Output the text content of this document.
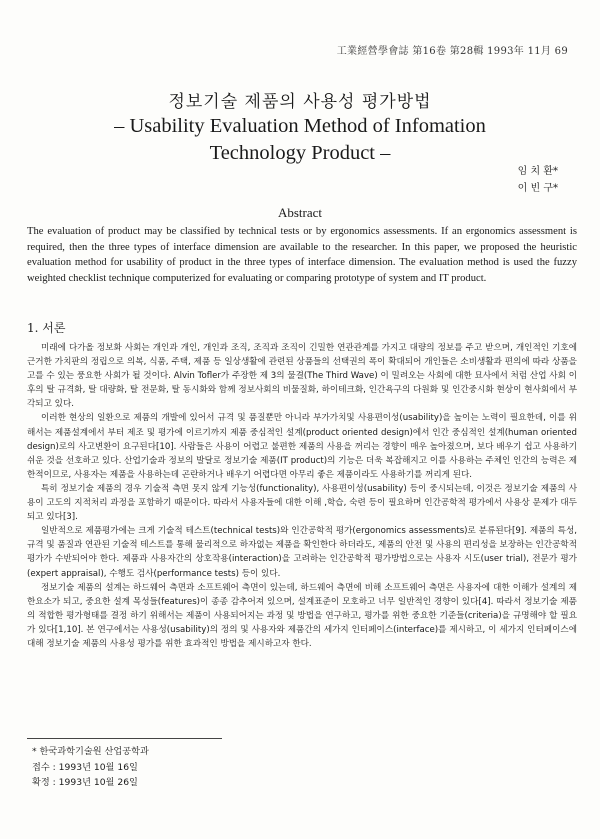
工業經營學會誌 第16卷 第28輯 1993年 11月 69
정보기술 제품의 사용성 평가방법
– Usability Evaluation Method of Infomation
Technology Product –
임 치 환*
이 빈 구*
Abstract
The evaluation of product may be classified by technical tests or by ergonomics assessments. If an ergonomics assessment is required, then the three types of interface dimension are available to the researcher. In this paper, we proposed the heuristic evaluation method for usability of product in the three types of interface dimension. The evaluation method is used the fuzzy weighted checklist technique computerized for evaluating or comparing prototype of system and IT product.
1. 서론

미래에 다가올 정보화 사회는 개인과 개인, 개인과 조직, 조직과 조직이 긴밀한 연관관계를 가지고 대량의 정보를 주고 받으며, 개인적인 기호에 근거한 가치판의 정립으로 의복, 식품, 주택, 제품 등 일상생활에 관련된 상품들의 선택권의 폭이 확대되어 개인들은 소비생활과 편의에 따라 상품을 고를 수 있는 풍요한 사회가 될 것이다. Alvin Tofler가 주장한 제 3의 물결(The Third Wave) 이 밀려오는 사회에 대한 묘사에서 처럼 산업 사회 이후의 탈 규격화, 탈 대량화, 탈 전문화, 탈 동시화와 함께 정보사회의 비물질화, 하이테크화, 인간욕구의 다원화 및 인간중시화 현상이 현사회에서 부각되고 있다.

이러한 현상의 일환으로 제품의 개발에 있어서 규격 및 품질뿐만 아니라 부가가치및 사용편이성(usability)을 높이는 노력이 필요한데, 이를 위해서는 제품설계에서 부터 제조 및 평가에 이르기까지 제품 중심적인 설계(product oriented design)에서 인간 중심적인 설계(human oriented design)로의 사고변환이 요구된다[10]. 사람들은 사용이 어렵고 불편한 제품의 사용을 꺼리는 경향이 매우 높아졌으며, 보다 배우기 쉽고 사용하기 쉬운 것을 선호하고 있다. 산업기술과 정보의 발달로 정보기술 제품(IT product)의 기능은 더욱 복잡해지고 이를 사용하는 주체인 인간의 능력은 제한적이므로, 사용자는 제품을 사용하는데 곤란하거나 배우기 어렵다면 아무리 좋은 제품이라도 사용하기를 꺼리게 된다.

특히 정보기술 제품의 경우 기술적 측면 못지 않게 기능성(functionality), 사용편이성(usability) 등이 중시되는데, 이것은 정보기술 제품의 사용이 고도의 지적처리 과정을 포함하기 때문이다. 따라서 사용자들에 대한 이해 ,학습, 숙련 등이 필요하며 인간공학적 평가에서 사용상 문제가 대두되고 있다[3].

일반적으로 제품평가에는 크게 기술적 테스트(technical tests)와 인간공학적 평가(ergonomics assessments)로 분류된다[9]. 제품의 특성, 규격 및 품질과 연관된 기술적 테스트를 통해 물리적으로 하자없는 제품을 확인한다 하더라도, 제품의 안전 및 사용의 편리성을 보장하는 인간공학적 평가가 수반되어야 한다. 제품과 사용자간의 상호작용(interaction)을 고려하는 인간공학적 평가방법으로는 사용자 시도(user trial), 전문가 평가(expert appraisal), 수행도 검사(performance tests) 등이 있다.

정보기술 제품의 설계는 하드웨어 측면과 소프트웨어 측면이 있는데, 하드웨어 측면에 비해 소프트웨어 측면은 사용자에 대한 이해가 설계의 제한요소가 되고, 중요한 설계 목성들(features)이 종종 감추어져 있으며, 설계표준이 모호하고 너무 일반적인 경향이 있다[4]. 따라서 정보기술 제품의 적합한 평가형태를 결정 하기 위해서는 제품이 사용되어지는 과정 및 방법을 연구하고, 평가를 위한 중요한 기준들(criteria)을 규명해야 할 필요가 있다[1,10]. 본 연구에서는 사용성(usability)의 정의 및 사용자와 제품간의 세가지 인터페이스(interface)를 제시하고, 이 세가지 인터페이스에 대해 정보기술 제품의 사용성 평가를 위한 효과적인 방법을 제시하고자 한다.

* 한국과학기술원 산업공학과
접수 : 1993년 10월 16일
확정 : 1993년 10월 26일
